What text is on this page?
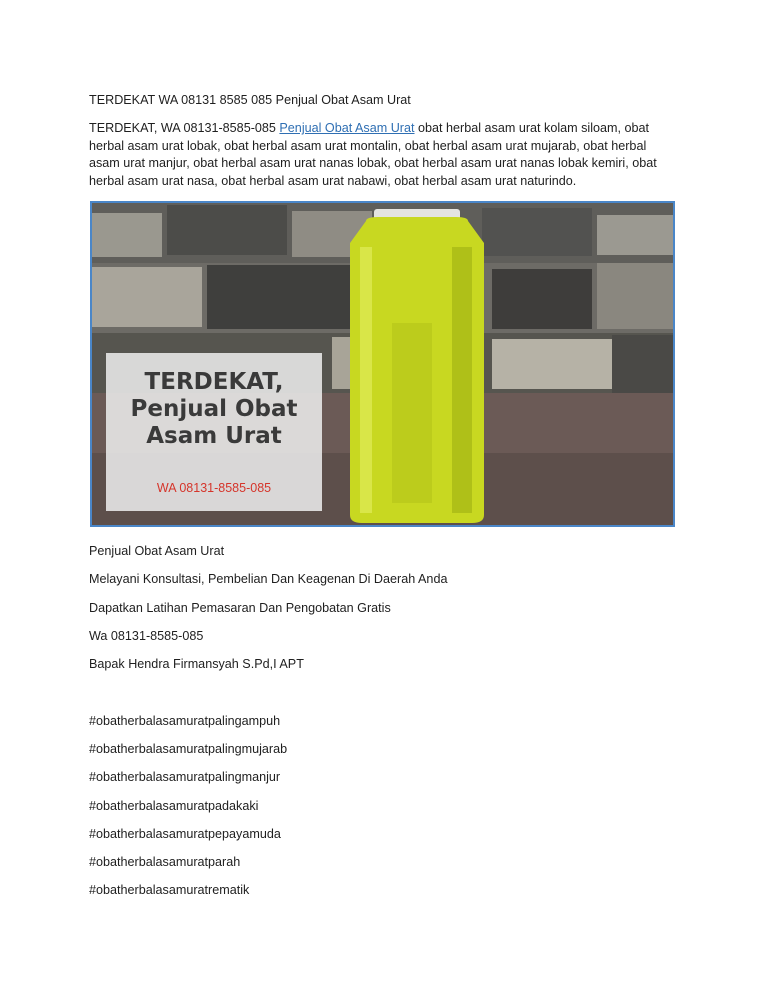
TERDEKAT WA 08131 8585 085 Penjual Obat Asam Urat
TERDEKAT, WA 08131-8585-085 Penjual Obat Asam Urat obat herbal asam urat kolam siloam, obat herbal asam urat lobak, obat herbal asam urat montalin, obat herbal asam urat mujarab, obat herbal asam urat manjur, obat herbal asam urat nanas lobak, obat herbal asam urat nanas lobak kemiri, obat herbal asam urat nasa, obat herbal asam urat nabawi, obat herbal asam urat naturindo.
TERDEKAT,
Penjual Obat
Asam Urat
WA 08131-8585-085
Penjual Obat Asam Urat
Melayani Konsultasi, Pembelian Dan Keagenan Di Daerah Anda
Dapatkan Latihan Pemasaran Dan Pengobatan Gratis
Wa 08131-8585-085
Bapak Hendra Firmansyah S.Pd,I APT
#obatherbalasamuratpalingampuh
#obatherbalasamuratpalingmujarab
#obatherbalasamuratpalingmanjur
#obatherbalasamuratpadakaki
#obatherbalasamuratpepayamuda
#obatherbalasamuratparah
#obatherbalasamuratrematik
